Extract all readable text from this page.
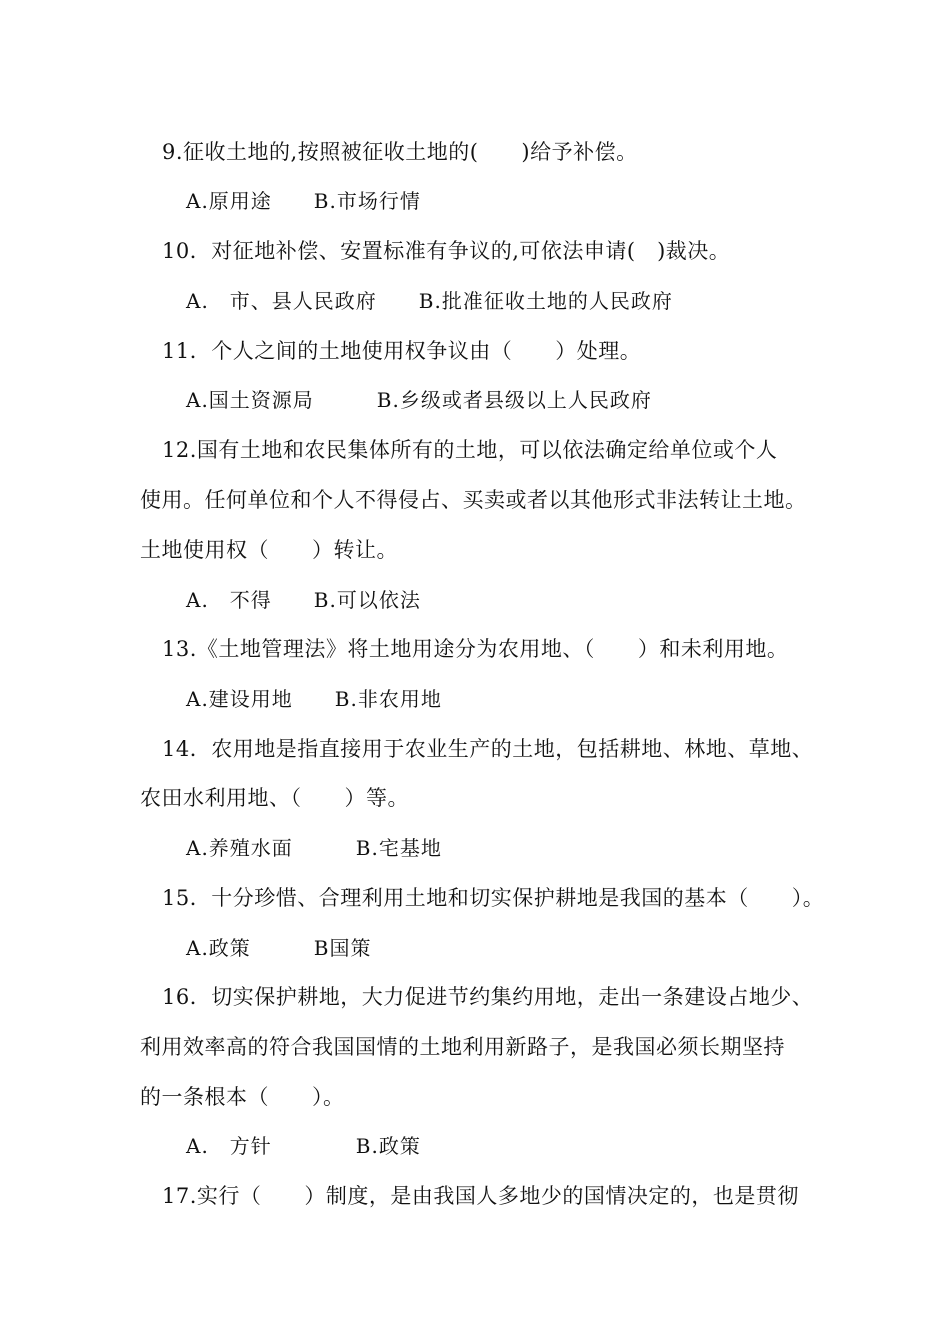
9.征收土地的,按照被征收土地的(　　)给予补偿。
A.原用途　　B.市场行情
10．对征地补偿、安置标准有争议的,可依法申请(　)裁决。
A.　市、县人民政府　　B.批准征收土地的人民政府
11．个人之间的土地使用权争议由（　　）处理。
A.国土资源局　　　B.乡级或者县级以上人民政府
12.国有土地和农民集体所有的土地，可以依法确定给单位或个人
使用。任何单位和个人不得侵占、买卖或者以其他形式非法转让土地。
土地使用权（　　）转让。
A.　不得　　B.可以依法
13.《土地管理法》将土地用途分为农用地、（　　）和未利用地。
A.建设用地　　B.非农用地
14．农用地是指直接用于农业生产的土地，包括耕地、林地、草地、
农田水利用地、（　　）等。
A.养殖水面　　　B.宅基地
15．十分珍惜、合理利用土地和切实保护耕地是我国的基本（　　）。
A.政策　　　B国策
16．切实保护耕地，大力促进节约集约用地，走出一条建设占地少、
利用效率高的符合我国国情的土地利用新路子，是我国必须长期坚持
的一条根本（　　）。
A.　方针　　　　B.政策
17.实行（　　）制度，是由我国人多地少的国情决定的，也是贯彻
